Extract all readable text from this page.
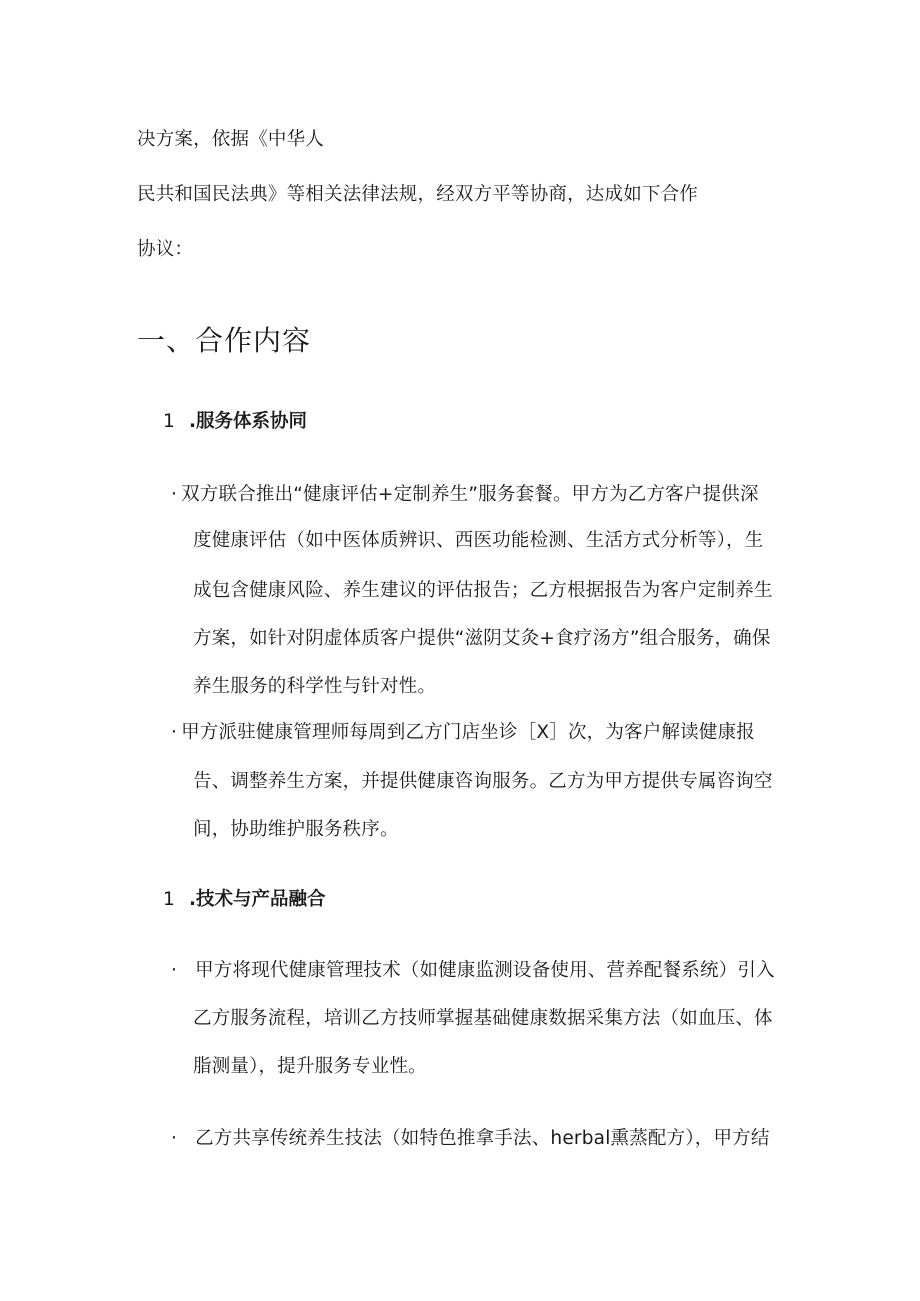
决方案，依据《中华人
民共和国民法典》等相关法律法规，经双方平等协商，达成如下合作
协议：
一、合作内容
1 .服务体系协同
· 双方联合推出“健康评估+定制养生”服务套餐。甲方为乙方客户提供深
度健康评估（如中医体质辨识、西医功能检测、生活方式分析等），生
成包含健康风险、养生建议的评估报告；乙方根据报告为客户定制养生
方案，如针对阴虚体质客户提供“滋阴艾灸+食疗汤方”组合服务，确保
养生服务的科学性与针对性。
· 甲方派驻健康管理师每周到乙方门店坐诊［X］次，为客户解读健康报
告、调整养生方案，并提供健康咨询服务。乙方为甲方提供专属咨询空
间，协助维护服务秩序。
1 .技术与产品融合
· 甲方将现代健康管理技术（如健康监测设备使用、营养配餐系统）引入
乙方服务流程，培训乙方技师掌握基础健康数据采集方法（如血压、体
脂测量），提升服务专业性。
· 乙方共享传统养生技法（如特色推拿手法、herbal熏蒸配方），甲方结
